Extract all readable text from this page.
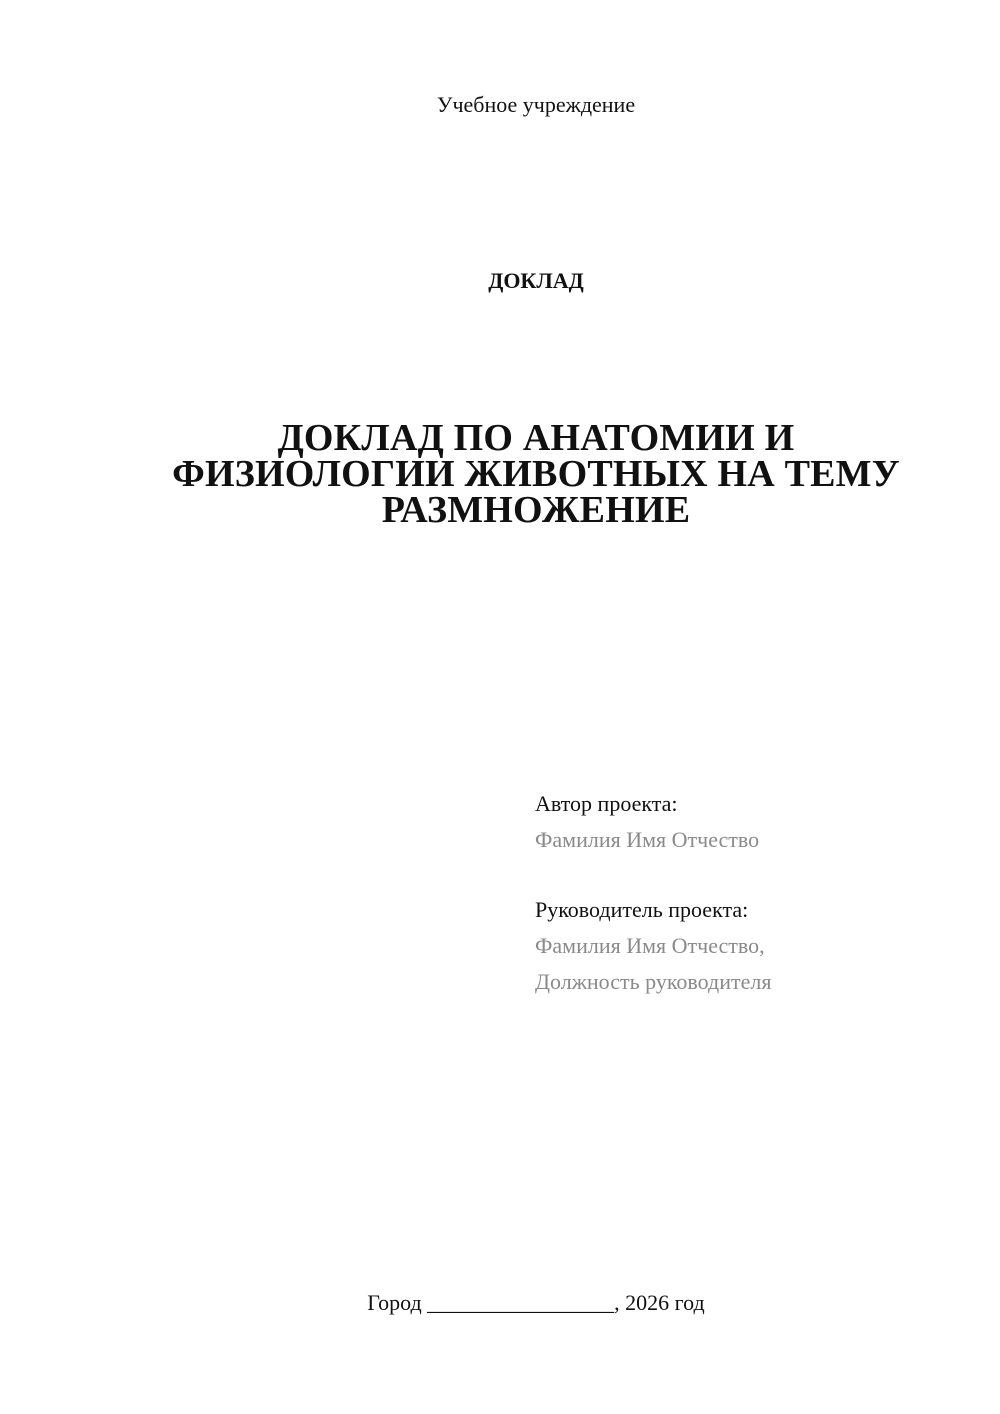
Учебное учреждение
ДОКЛАД
ДОКЛАД ПО АНАТОМИИ И
ФИЗИОЛОГИИ ЖИВОТНЫХ НА ТЕМУ
РАЗМНОЖЕНИЕ
Автор проекта:
Фамилия Имя Отчество
Руководитель проекта:
Фамилия Имя Отчество,
Должность руководителя
Город _________________, 2026 год
